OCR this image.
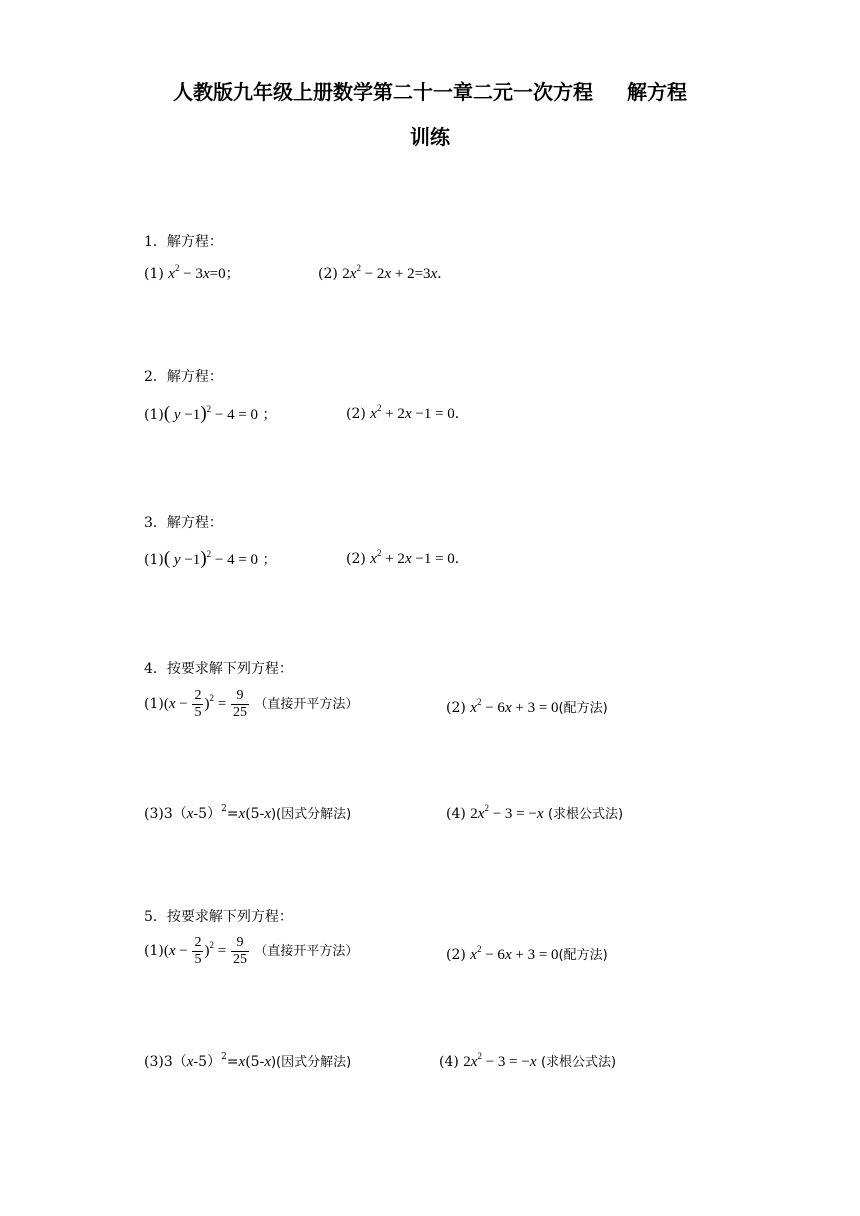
人教版九年级上册数学第二十一章二元一次方程 解方程
训练
1．解方程：
(1) $x^2 - 3x=0$；	(2) $2x^2 - 2x + 2=3x$．
2．解方程：
(1)( y −1)$^2$ − 4 = 0 ；	(2) $x^2 + 2x -1 = 0$．
3．解方程：
(1)( y −1)$^2$ − 4 = 0 ；	(2) $x^2 + 2x -1 = 0$．
4．按要求解下列方程：
$(1)(x - \frac{2}{5} )^2 = \frac{9}{25}$ （直接开平方法）	(2) $x^2 - 6x + 3 = 0$(配方法)
$(3)3(x-5)^2=x(5-x)$(因式分解法)	(4) $2x^2 - 3 = -x$ (求根公式法)
5．按要求解下列方程：
$(1)(x - \frac{2}{5} )^2 = \frac{9}{25}$ （直接开平方法）	(2) $x^2 - 6x + 3 = 0$(配方法)
$(3)3(x-5)^2=x(5-x)$(因式分解法)	(4) $2x^2 - 3 = -x$ (求根公式法)
